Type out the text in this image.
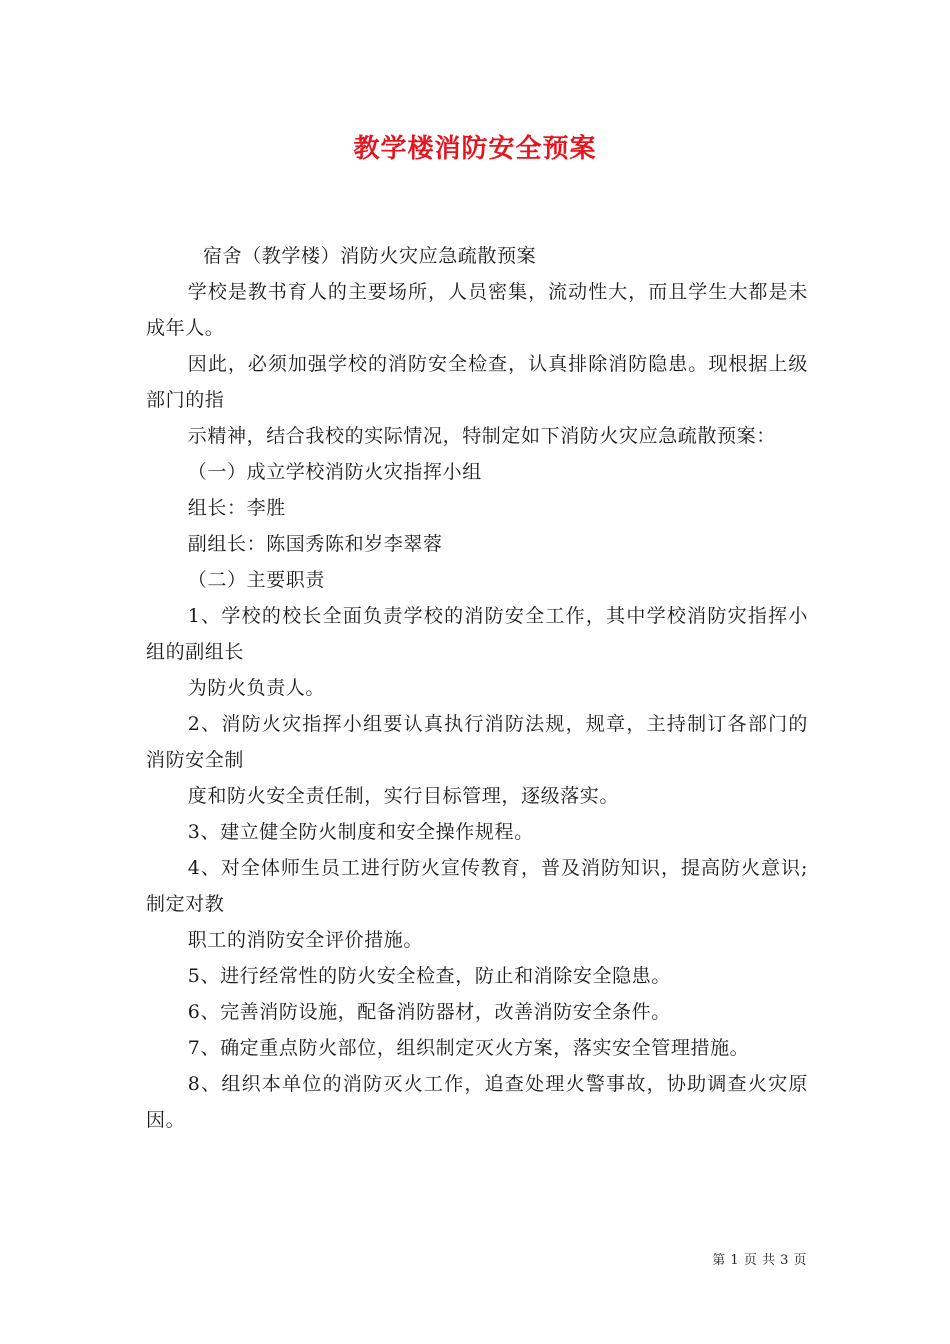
教学楼消防安全预案

宿舍（教学楼）消防火灾应急疏散预案

学校是教书育人的主要场所，人员密集，流动性大，而且学生大都是未成年人。

因此，必须加强学校的消防安全检查，认真排除消防隐患。现根据上级部门的指

示精神，结合我校的实际情况，特制定如下消防火灾应急疏散预案：

（一）成立学校消防火灾指挥小组

组长：李胜

副组长：陈国秀陈和岁李翠蓉

（二）主要职责

1、学校的校长全面负责学校的消防安全工作，其中学校消防灾指挥小组的副组长

为防火负责人。

2、消防火灾指挥小组要认真执行消防法规，规章，主持制订各部门的消防安全制

度和防火安全责任制，实行目标管理，逐级落实。

3、建立健全防火制度和安全操作规程。

4、对全体师生员工进行防火宣传教育，普及消防知识，提高防火意识;制定对教

职工的消防安全评价措施。

5、进行经常性的防火安全检查，防止和消除安全隐患。

6、完善消防设施，配备消防器材，改善消防安全条件。

7、确定重点防火部位，组织制定灭火方案，落实安全管理措施。

8、组织本单位的消防灭火工作，追查处理火警事故，协助调查火灾原因。

第 1 页 共 3 页
